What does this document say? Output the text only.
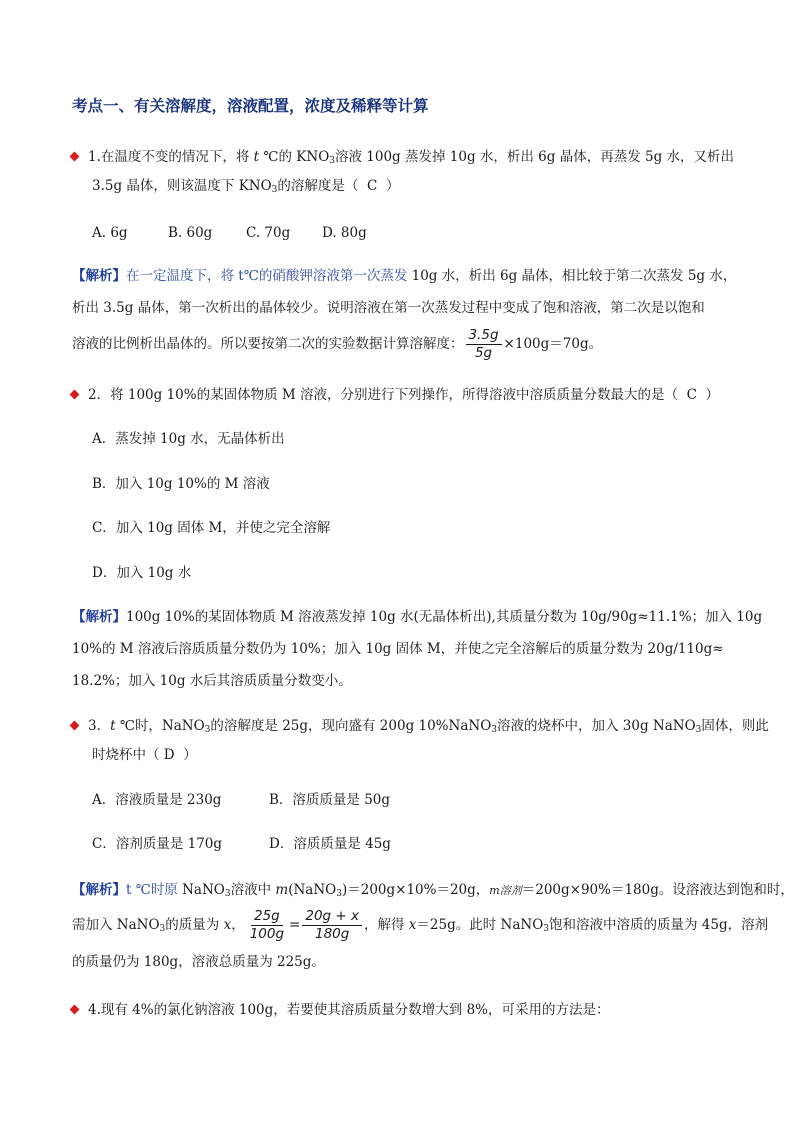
考点一、有关溶解度，溶液配置，浓度及稀释等计算
1.在温度不变的情况下，将 t ℃的 $KNO_3$溶液 100g 蒸发掉 10g 水，析出 6g 晶体，再蒸发 5g 水，又析出
3.5g 晶体，则该温度下 $KNO_3$的溶解度是（ C ）
A. 6g	B. 60g C. 70g D. 80g
【解析】在一定温度下，将 t℃的硝酸钾溶液第一次蒸发 10g 水，析出 6g 晶体，相比较于第二次蒸发 5g 水，
析出 3.5g 晶体，第一次析出的晶体较少。说明溶液在第一次蒸发过程中变成了饱和溶液，第二次是以饱和
溶液的比例析出晶体的。所以要按第二次的实验数据计算溶解度： $\frac{3.5g}{5g} \times 100g=70g$。
2．将 100g 10%的某固体物质 M 溶液，分别进行下列操作，所得溶液中溶质质量分数最大的是（ C ）
A．蒸发掉 10g 水，无晶体析出
B．加入 10g 10%的 M 溶液
C．加入 10g 固体 M，并使之完全溶解
D．加入 10g 水
【解析】100g 10%的某固体物质 M 溶液蒸发掉 10g 水(无晶体析出),其质量分数为 10g/90g≈11.1%；加入 10g
10%的 M 溶液后溶质质量分数仍为 10%；加入 10g 固体 M，并使之完全溶解后的质量分数为 20g/110g≈
18.2%；加入 10g 水后其溶质质量分数变小。
3．t ℃时，NaNO$_3$的溶解度是 25g，现向盛有 200g 10%NaNO$_3$溶液的烧杯中，加入 30g NaNO$_3$固体，则此
时烧杯中（ D ）
A．溶液质量是 230g	B．溶质质量是 50g
C．溶剂质量是 170g	D．溶质质量是 45g
【解析】t ℃时原 NaNO$_3$溶液中 m(NaNO$_3$)＝200g×10%＝20g，m溶剂＝200g×90%＝180g。设溶液达到饱和时，
需加入 NaNO$_3$的质量为 x， $\frac{25g}{100g} = \frac{20g + x}{180g}$ ，解得 x＝25g。此时 NaNO$_3$饱和溶液中溶质的质量为 45g，溶剂
的质量仍为 180g，溶液总质量为 225g。
4.现有 4%的氯化钠溶液 100g，若要使其溶质质量分数增大到 8%，可采用的方法是：
